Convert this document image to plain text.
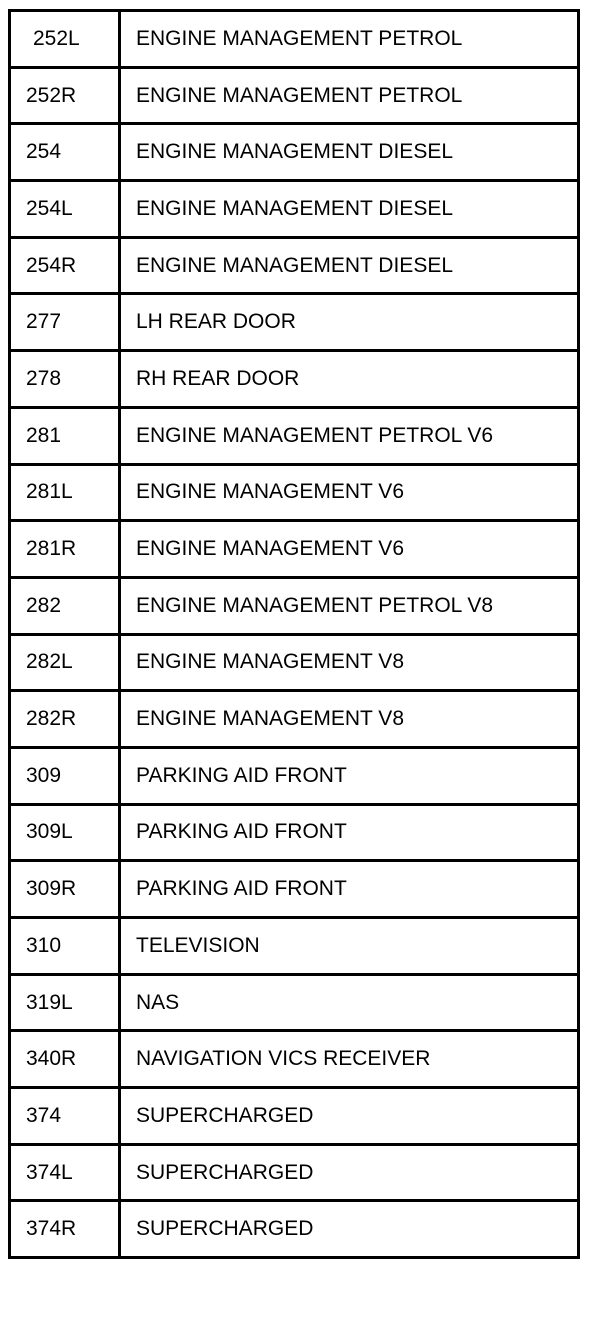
252L	ENGINE MANAGEMENT PETROL
252R	ENGINE MANAGEMENT PETROL
254	ENGINE MANAGEMENT DIESEL
254L	ENGINE MANAGEMENT DIESEL
254R	ENGINE MANAGEMENT DIESEL
277	LH REAR DOOR
278	RH REAR DOOR
281	ENGINE MANAGEMENT PETROL V6
281L	ENGINE MANAGEMENT V6
281R	ENGINE MANAGEMENT V6
282	ENGINE MANAGEMENT PETROL V8
282L	ENGINE MANAGEMENT V8
282R	ENGINE MANAGEMENT V8
309	PARKING AID FRONT
309L	PARKING AID FRONT
309R	PARKING AID FRONT
310	TELEVISION
319L	NAS
340R	NAVIGATION VICS RECEIVER
374	SUPERCHARGED
374L	SUPERCHARGED
374R	SUPERCHARGED
